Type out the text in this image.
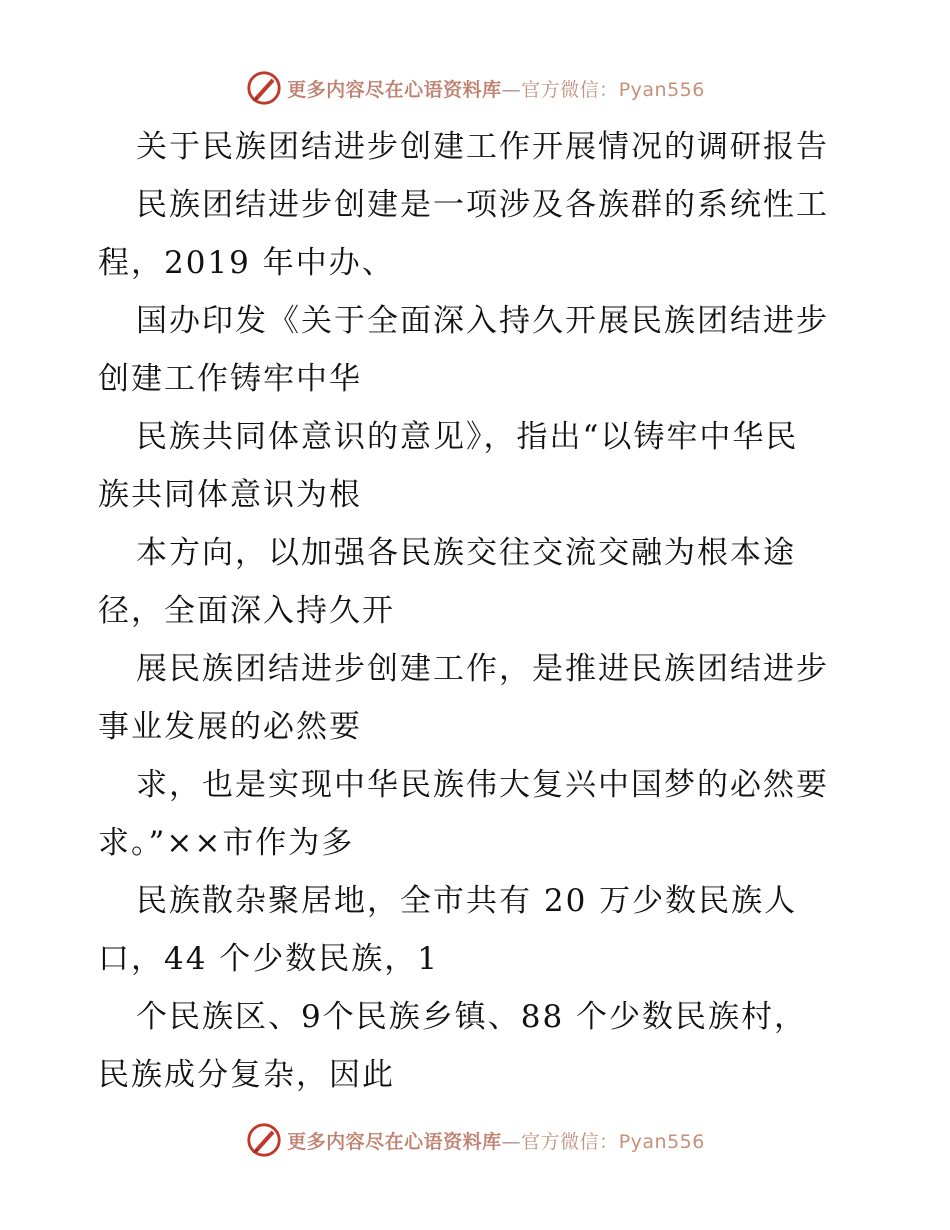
更多内容尽在心语资料库—官方微信：Pyan556
关于民族团结进步创建工作开展情况的调研报告
民族团结进步创建是一项涉及各族群的系统性工
程，2019 年中办、
国办印发《关于全面深入持久开展民族团结进步
创建工作铸牢中华
民族共同体意识的意见》，指出“以铸牢中华民
族共同体意识为根
本方向，以加强各民族交往交流交融为根本途
径，全面深入持久开
展民族团结进步创建工作，是推进民族团结进步
事业发展的必然要
求，也是实现中华民族伟大复兴中国梦的必然要
求。”××市作为多
民族散杂聚居地，全市共有 20 万少数民族人
口，44 个少数民族，1
个民族区、9个民族乡镇、88 个少数民族村，
民族成分复杂，因此
更多内容尽在心语资料库—官方微信：Pyan556
